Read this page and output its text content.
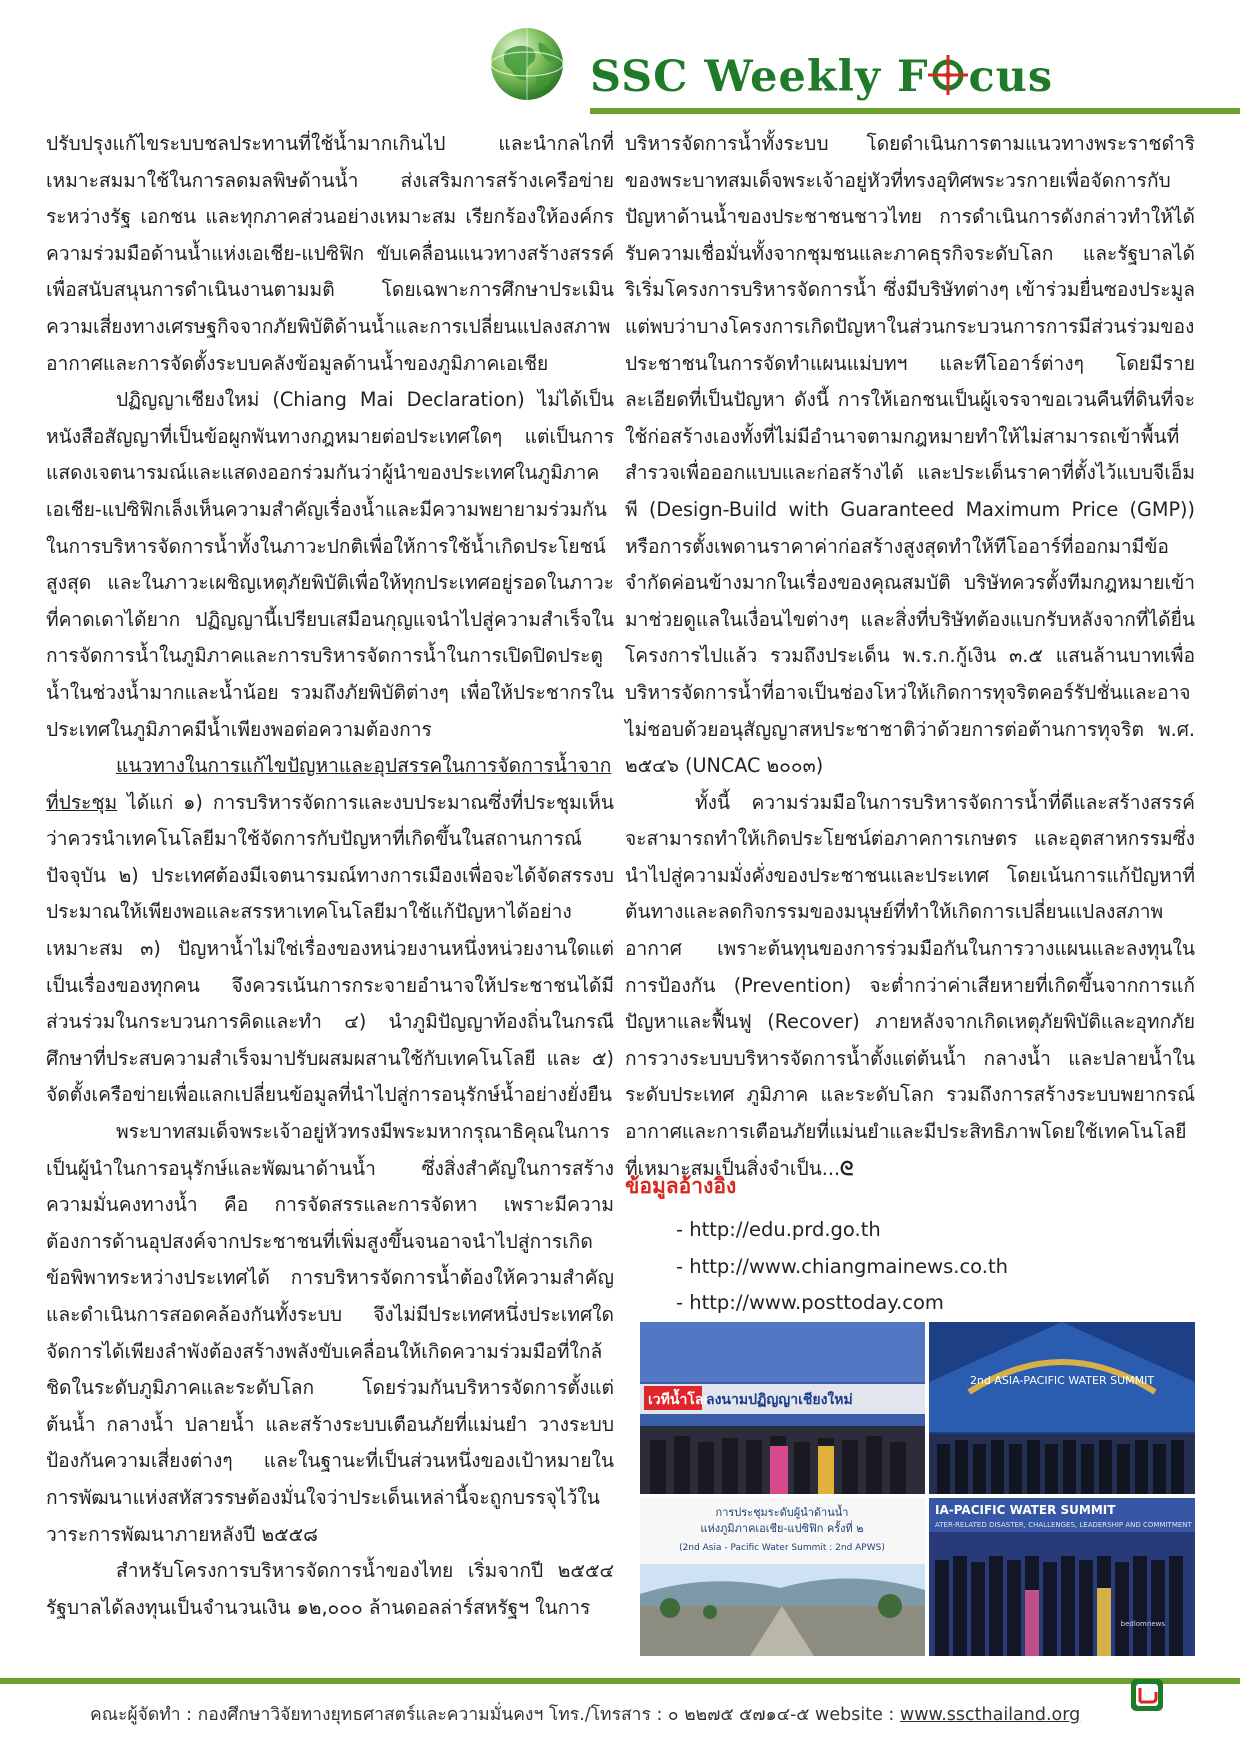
SSC Weekly F cus

ปรับปรุงแก้ไขระบบชลประทานที่ใช้น้ำมากเกินไป และนำกลไกที่เหมาะสมมาใช้ในการลดมลพิษด้านน้ำ ส่งเสริมการสร้างเครือข่ายระหว่างรัฐ เอกชน และทุกภาคส่วนอย่างเหมาะสม เรียกร้องให้องค์กรความร่วมมือด้านน้ำแห่งเอเชีย-แปซิฟิก ขับเคลื่อนแนวทางสร้างสรรค์เพื่อสนับสนุนการดำเนินงานตามมติ โดยเฉพาะการศึกษาประเมินความเสี่ยงทางเศรษฐกิจจากภัยพิบัติด้านน้ำและการเปลี่ยนแปลงสภาพอากาศและการจัดตั้งระบบคลังข้อมูลด้านน้ำของภูมิภาคเอเชีย

ปฏิญญาเชียงใหม่ (Chiang Mai Declaration) ไม่ได้เป็นหนังสือสัญญาที่เป็นข้อผูกพันทางกฎหมายต่อประเทศใดๆ แต่เป็นการแสดงเจตนารมณ์และแสดงออกร่วมกันว่าผู้นำของประเทศในภูมิภาคเอเชีย-แปซิฟิกเล็งเห็นความสำคัญเรื่องน้ำและมีความพยายามร่วมกันในการบริหารจัดการน้ำทั้งในภาวะปกติเพื่อให้การใช้น้ำเกิดประโยชน์สูงสุด และในภาวะเผชิญเหตุภัยพิบัติเพื่อให้ทุกประเทศอยู่รอดในภาวะที่คาดเดาได้ยาก ปฏิญญานี้เปรียบเสมือนกุญแจนำไปสู่ความสำเร็จในการจัดการน้ำในภูมิภาคและการบริหารจัดการน้ำในการเปิดปิดประตูน้ำในช่วงน้ำมากและน้ำน้อย รวมถึงภัยพิบัติต่างๆ เพื่อให้ประชากรในประเทศในภูมิภาคมีน้ำเพียงพอต่อความต้องการ

แนวทางในการแก้ไขปัญหาและอุปสรรคในการจัดการน้ำจากที่ประชุม ได้แก่ ๑) การบริหารจัดการและงบประมาณซึ่งที่ประชุมเห็นว่าควรนำเทคโนโลยีมาใช้จัดการกับปัญหาที่เกิดขึ้นในสถานการณ์ปัจจุบัน ๒) ประเทศต้องมีเจตนารมณ์ทางการเมืองเพื่อจะได้จัดสรรงบประมาณให้เพียงพอและสรรหาเทคโนโลยีมาใช้แก้ปัญหาได้อย่างเหมาะสม ๓) ปัญหาน้ำไม่ใช่เรื่องของหน่วยงานหนึ่งหน่วยงานใดแต่เป็นเรื่องของทุกคน จึงควรเน้นการกระจายอำนาจให้ประชาชนได้มีส่วนร่วมในกระบวนการคิดและทำ ๔) นำภูมิปัญญาท้องถิ่นในกรณีศึกษาที่ประสบความสำเร็จมาปรับผสมผสานใช้กับเทคโนโลยี และ ๕) จัดตั้งเครือข่ายเพื่อแลกเปลี่ยนข้อมูลที่นำไปสู่การอนุรักษ์น้ำอย่างยั่งยืน

พระบาทสมเด็จพระเจ้าอยู่หัวทรงมีพระมหากรุณาธิคุณในการเป็นผู้นำในการอนุรักษ์และพัฒนาด้านน้ำ ซึ่งสิ่งสำคัญในการสร้างความมั่นคงทางน้ำ คือ การจัดสรรและการจัดหา เพราะมีความต้องการด้านอุปสงค์จากประชาชนที่เพิ่มสูงขึ้นจนอาจนำไปสู่การเกิดข้อพิพาทระหว่างประเทศได้ การบริหารจัดการน้ำต้องให้ความสำคัญและดำเนินการสอดคล้องกันทั้งระบบ จึงไม่มีประเทศหนึ่งประเทศใดจัดการได้เพียงลำพังต้องสร้างพลังขับเคลื่อนให้เกิดความร่วมมือที่ใกล้ชิดในระดับภูมิภาคและระดับโลก โดยร่วมกันบริหารจัดการตั้งแต่ต้นน้ำ กลางน้ำ ปลายน้ำ และสร้างระบบเตือนภัยที่แม่นยำ วางระบบป้องกันความเสี่ยงต่างๆ และในฐานะที่เป็นส่วนหนึ่งของเป้าหมายในการพัฒนาแห่งสหัสวรรษต้องมั่นใจว่าประเด็นเหล่านี้จะถูกบรรจุไว้ในวาระการพัฒนาภายหลังปี ๒๕๕๘

สำหรับโครงการบริหารจัดการน้ำของไทย เริ่มจากปี ๒๕๕๔ รัฐบาลได้ลงทุนเป็นจำนวนเงิน ๑๒,๐๐๐ ล้านดอลล่าร์สหรัฐฯ ในการ

บริหารจัดการน้ำทั้งระบบ โดยดำเนินการตามแนวทางพระราชดำริของพระบาทสมเด็จพระเจ้าอยู่หัวที่ทรงอุทิศพระวรกายเพื่อจัดการกับปัญหาด้านน้ำของประชาชนชาวไทย การดำเนินการดังกล่าวทำให้ได้รับความเชื่อมั่นทั้งจากชุมชนและภาคธุรกิจระดับโลก และรัฐบาลได้ริเริ่มโครงการบริหารจัดการน้ำ ซึ่งมีบริษัทต่างๆ เข้าร่วมยื่นซองประมูล แต่พบว่าบางโครงการเกิดปัญหาในส่วนกระบวนการการมีส่วนร่วมของประชาชนในการจัดทำแผนแม่บทฯ และทีโออาร์ต่างๆ โดยมีรายละเอียดที่เป็นปัญหา ดังนี้ การให้เอกชนเป็นผู้เจรจาขอเวนคืนที่ดินที่จะใช้ก่อสร้างเองทั้งที่ไม่มีอำนาจตามกฎหมายทำให้ไม่สามารถเข้าพื้นที่สำรวจเพื่อออกแบบและก่อสร้างได้ และประเด็นราคาที่ตั้งไว้แบบจีเอ็มพี (Design-Build with Guaranteed Maximum Price (GMP)) หรือการตั้งเพดานราคาค่าก่อสร้างสูงสุดทำให้ทีโออาร์ที่ออกมามีข้อจำกัดค่อนข้างมากในเรื่องของคุณสมบัติ บริษัทควรตั้งทีมกฎหมายเข้ามาช่วยดูแลในเงื่อนไขต่างๆ และสิ่งที่บริษัทต้องแบกรับหลังจากที่ได้ยื่นโครงการไปแล้ว รวมถึงประเด็น พ.ร.ก.กู้เงิน ๓.๕ แสนล้านบาทเพื่อบริหารจัดการน้ำที่อาจเป็นช่องโหว่ให้เกิดการทุจริตคอร์รัปชั่นและอาจไม่ชอบด้วยอนุสัญญาสหประชาชาติว่าด้วยการต่อต้านการทุจริต พ.ศ. ๒๕๔๖ (UNCAC ๒๐๐๓)

ทั้งนี้ ความร่วมมือในการบริหารจัดการน้ำที่ดีและสร้างสรรค์จะสามารถทำให้เกิดประโยชน์ต่อภาคการเกษตร และอุตสาหกรรมซึ่งนำไปสู่ความมั่งคั่งของประชาชนและประเทศ โดยเน้นการแก้ปัญหาที่ต้นทางและลดกิจกรรมของมนุษย์ที่ทำให้เกิดการเปลี่ยนแปลงสภาพอากาศ เพราะต้นทุนของการร่วมมือกันในการวางแผนและลงทุนในการป้องกัน (Prevention) จะต่ำกว่าค่าเสียหายที่เกิดขึ้นจากการแก้ปัญหาและฟื้นฟู (Recover) ภายหลังจากเกิดเหตุภัยพิบัติและอุทกภัย การวางระบบบริหารจัดการน้ำตั้งแต่ต้นน้ำ กลางน้ำ และปลายน้ำในระดับประเทศ ภูมิภาค และระดับโลก รวมถึงการสร้างระบบพยากรณ์อากาศและการเตือนภัยที่แม่นยำและมีประสิทธิภาพโดยใช้เทคโนโลยีที่เหมาะสมเป็นสิ่งจำเป็น...ᘓ

ข้อมูลอ้างอิง
- http://edu.prd.go.th
- http://www.chiangmainews.co.th
- http://www.posttoday.com
เวทีน้ำโลก
ลงนามปฏิญญาเชียงใหม่
2nd ASIA-PACIFIC WATER SUMMIT
การประชุมระดับผู้นำด้านน้ำ
แห่งภูมิภาคเอเชีย-แปซิฟิก ครั้งที่ ๒
(2nd Asia - Pacific Water Summit : 2nd APWS)
IA-PACIFIC WATER SUMMIT
ATER-RELATED DISASTER, CHALLENGES, LEADERSHIP AND COMMITMENT
bedlomnews
คณะผู้จัดทำ : กองศึกษาวิจัยทางยุทธศาสตร์และความมั่นคงฯ โทร./โทรสาร : ๐ ๒๒๗๕ ๕๗๑๔-๕ website : www.sscthailand.org
